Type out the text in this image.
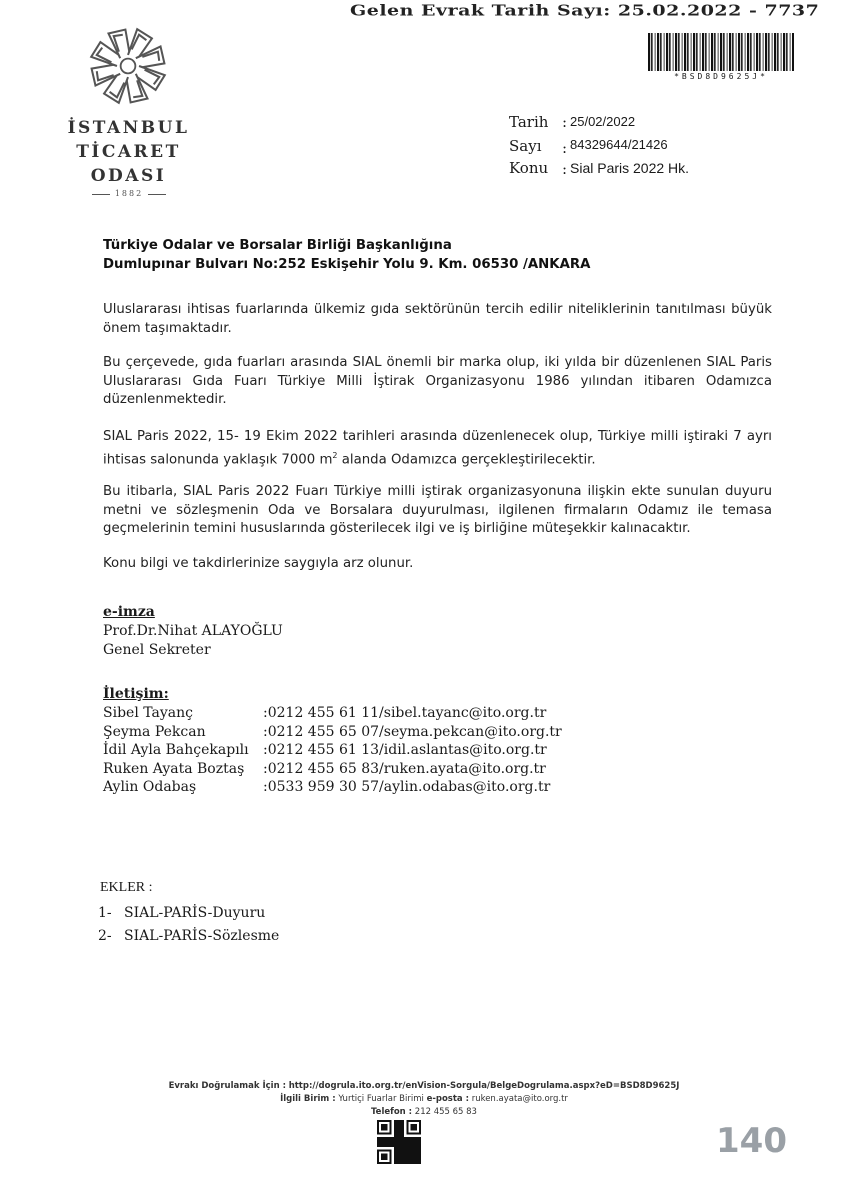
Gelen Evrak Tarih Sayı: 25.02.2022 - 7737
*BSD8D9625J*
İSTANBUL
TİCARET
ODASI
1882
Tarih : 25/02/2022
Sayı : 84329644/21426
Konu : Sial Paris 2022 Hk.
Türkiye Odalar ve Borsalar Birliği Başkanlığına
Dumlupınar Bulvarı No:252 Eskişehir Yolu 9. Km. 06530 /ANKARA
Uluslararası ihtisas fuarlarında ülkemiz gıda sektörünün tercih edilir niteliklerinin tanıtılması büyük önem taşımaktadır.
Bu çerçevede, gıda fuarları arasında SIAL önemli bir marka olup, iki yılda bir düzenlenen SIAL Paris Uluslararası Gıda Fuarı Türkiye Milli İştirak Organizasyonu 1986 yılından itibaren Odamızca düzenlenmektedir.
SIAL Paris 2022, 15- 19 Ekim 2022 tarihleri arasında düzenlenecek olup, Türkiye milli iştiraki 7 ayrı ihtisas salonunda yaklaşık 7000 $m^2$ alanda Odamızca gerçekleştirilecektir.
Bu itibarla, SIAL Paris 2022 Fuarı Türkiye milli iştirak organizasyonuna ilişkin ekte sunulan duyuru metni ve sözleşmenin Oda ve Borsalara duyurulması, ilgilenen firmaların Odamız ile temasa geçmelerinin temini hususlarında gösterilecek ilgi ve iş birliğine müteşekkir kalınacaktır.
Konu bilgi ve takdirlerinize saygıyla arz olunur.
e-imza
Prof.Dr.Nihat ALAYOĞLU
Genel Sekreter
İletişim:
Sibel Tayanç	:0212 455 61 11/sibel.tayanc@ito.org.tr
Şeyma Pekcan	:0212 455 65 07/seyma.pekcan@ito.org.tr
İdil Ayla Bahçekapılı :0212 455 61 13/idil.aslantas@ito.org.tr
Ruken Ayata Boztaş :0212 455 65 83/ruken.ayata@ito.org.tr
Aylin Odabaş	:0533 959 30 57/aylin.odabas@ito.org.tr
EKLER :
1- SIAL-PARİS-Duyuru
2- SIAL-PARİS-Sözlesme
Evrakı Doğrulamak İçin : http://dogrula.ito.org.tr/enVision-Sorgula/BelgeDogrulama.aspx?eD=BSD8D9625J
İlgili Birim : Yurtiçi Fuarlar Birimi e-posta : ruken.ayata@ito.org.tr
Telefon : 212 455 65 83
140
